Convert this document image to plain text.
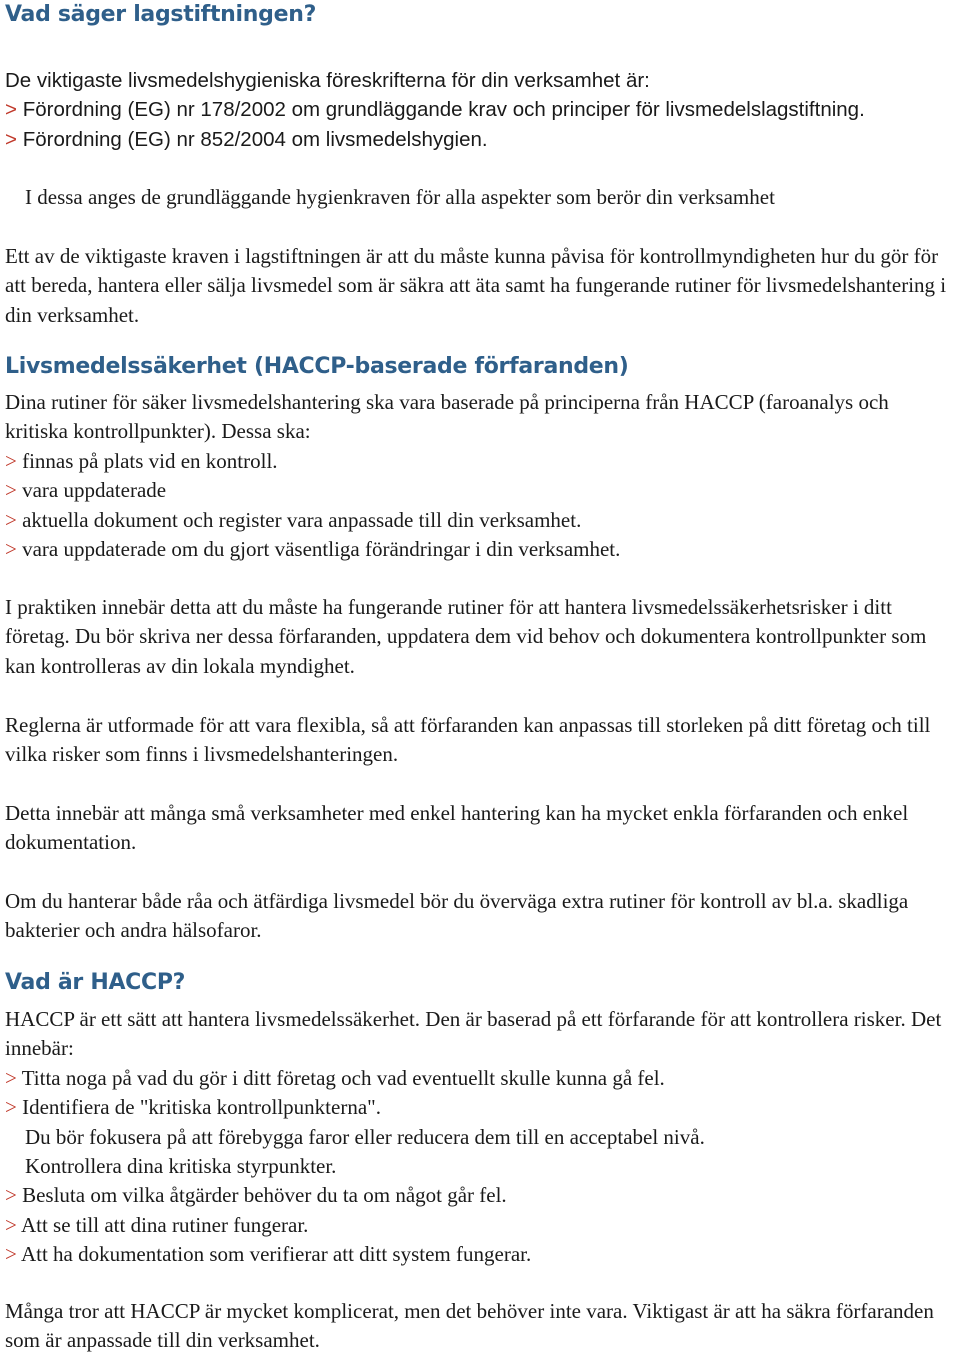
Vad säger lagstiftningen?

De viktigaste livsmedelshygieniska föreskrifterna för din verksamhet är:

> Förordning (EG) nr 178/2002 om grundläggande krav och principer för livsmedelslagstiftning.
> Förordning (EG) nr 852/2004 om livsmedelshygien.

I dessa anges de grundläggande hygienkraven för alla aspekter som berör din verksamhet

Ett av de viktigaste kraven i lagstiftningen är att du måste kunna påvisa för kontrollmyndigheten hur du gör för att bereda, hantera eller sälja livsmedel som är säkra att äta samt ha fungerande rutiner för livsmedelshantering i din verksamhet.

Livsmedelssäkerhet (HACCP-baserade förfaranden)

Dina rutiner för säker livsmedelshantering ska vara baserade på principerna från HACCP (faroanalys och kritiska kontrollpunkter). Dessa ska:

> finnas på plats vid en kontroll.
> vara uppdaterade
> aktuella dokument och register vara anpassade till din verksamhet.
> vara uppdaterade om du gjort väsentliga förändringar i din verksamhet.

I praktiken innebär detta att du måste ha fungerande rutiner för att hantera livsmedelssäkerhetsrisker i ditt företag. Du bör skriva ner dessa förfaranden, uppdatera dem vid behov och dokumentera kontrollpunkter som kan kontrolleras av din lokala myndighet.

Reglerna är utformade för att vara flexibla, så att förfaranden kan anpassas till storleken på ditt företag och till vilka risker som finns i livsmedelshanteringen.

Detta innebär att många små verksamheter med enkel hantering kan ha mycket enkla förfaranden och enkel dokumentation.

Om du hanterar både råa och ätfärdiga livsmedel bör du överväga extra rutiner för kontroll av bl.a. skadliga bakterier och andra hälsofaror.

Vad är HACCP?

HACCP är ett sätt att hantera livsmedelssäkerhet. Den är baserad på ett förfarande för att kontrollera risker. Det innebär:

> Titta noga på vad du gör i ditt företag och vad eventuellt skulle kunna gå fel.
> Identifiera de "kritiska kontrollpunkterna".
Du bör fokusera på att förebygga faror eller reducera dem till en acceptabel nivå.
Kontrollera dina kritiska styrpunkter.
> Besluta om vilka åtgärder behöver du ta om något går fel.
> Att se till att dina rutiner fungerar.
> Att ha dokumentation som verifierar att ditt system fungerar.

Många tror att HACCP är mycket komplicerat, men det behöver inte vara. Viktigast är att ha säkra förfaranden som är anpassade till din verksamhet.
